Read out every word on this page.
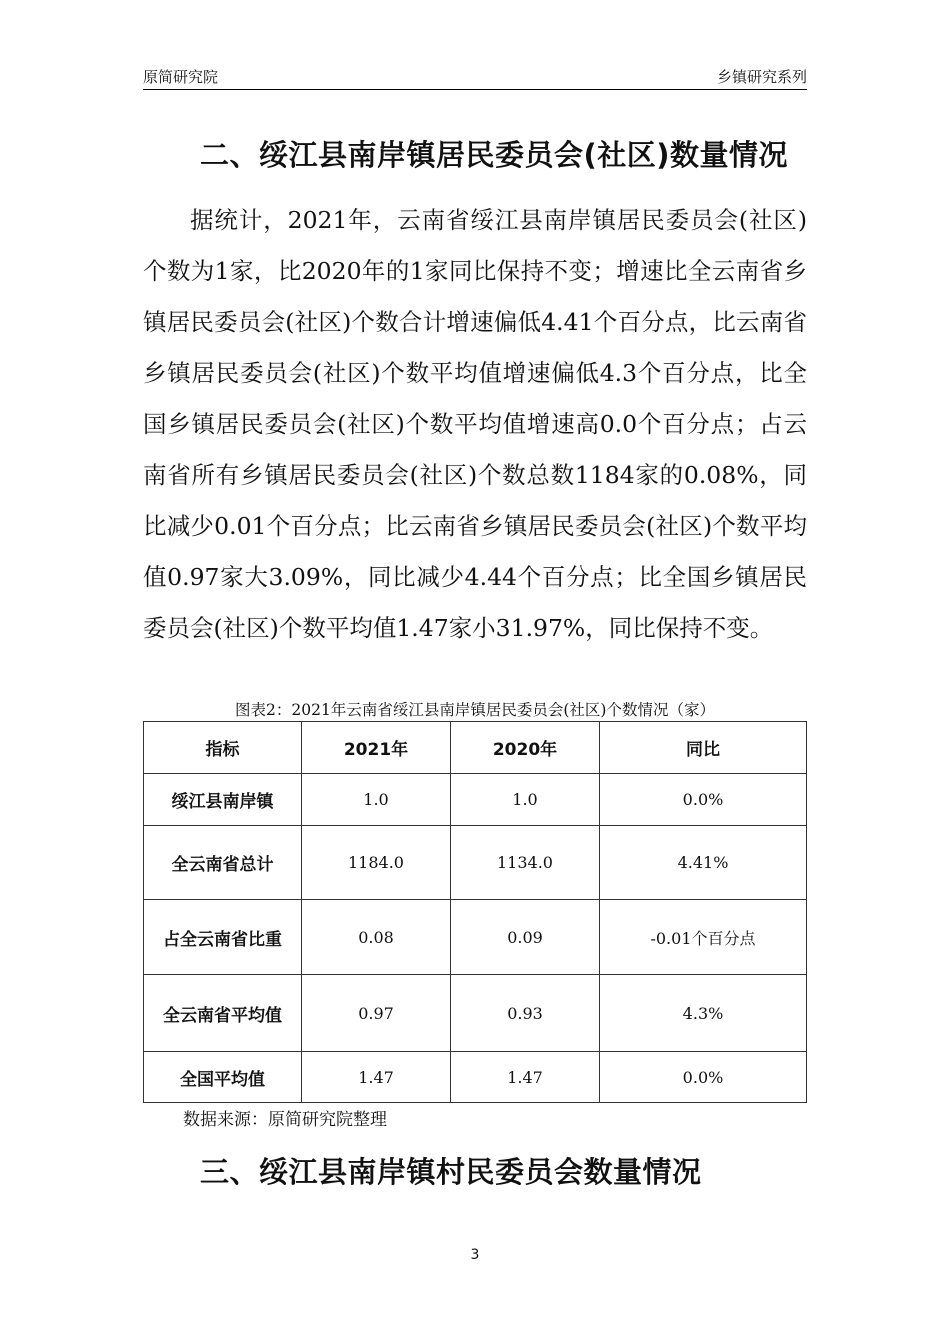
原简研究院	乡镇研究系列
二、绥江县南岸镇居民委员会(社区)数量情况
据统计，2021年，云南省绥江县南岸镇居民委员会(社区)个数为1家，比2020年的1家同比保持不变；增速比全云南省乡镇居民委员会(社区)个数合计增速偏低4.41个百分点，比云南省乡镇居民委员会(社区)个数平均值增速偏低4.3个百分点，比全国乡镇居民委员会(社区)个数平均值增速高0.0个百分点；占云南省所有乡镇居民委员会(社区)个数总数1184家的0.08%，同比减少0.01个百分点；比云南省乡镇居民委员会(社区)个数平均值0.97家大3.09%，同比减少4.44个百分点；比全国乡镇居民委员会(社区)个数平均值1.47家小31.97%，同比保持不变。
图表2：2021年云南省绥江县南岸镇居民委员会(社区)个数情况（家）
指标	2021年	2020年	同比
绥江县南岸镇	1.0	1.0	0.0%
全云南省总计	1184.0	1134.0	4.41%
占全云南省比重	0.08	0.09	-0.01个百分点
全云南省平均值	0.97	0.93	4.3%
全国平均值	1.47	1.47	0.0%
数据来源：原简研究院整理
三、绥江县南岸镇村民委员会数量情况
3
